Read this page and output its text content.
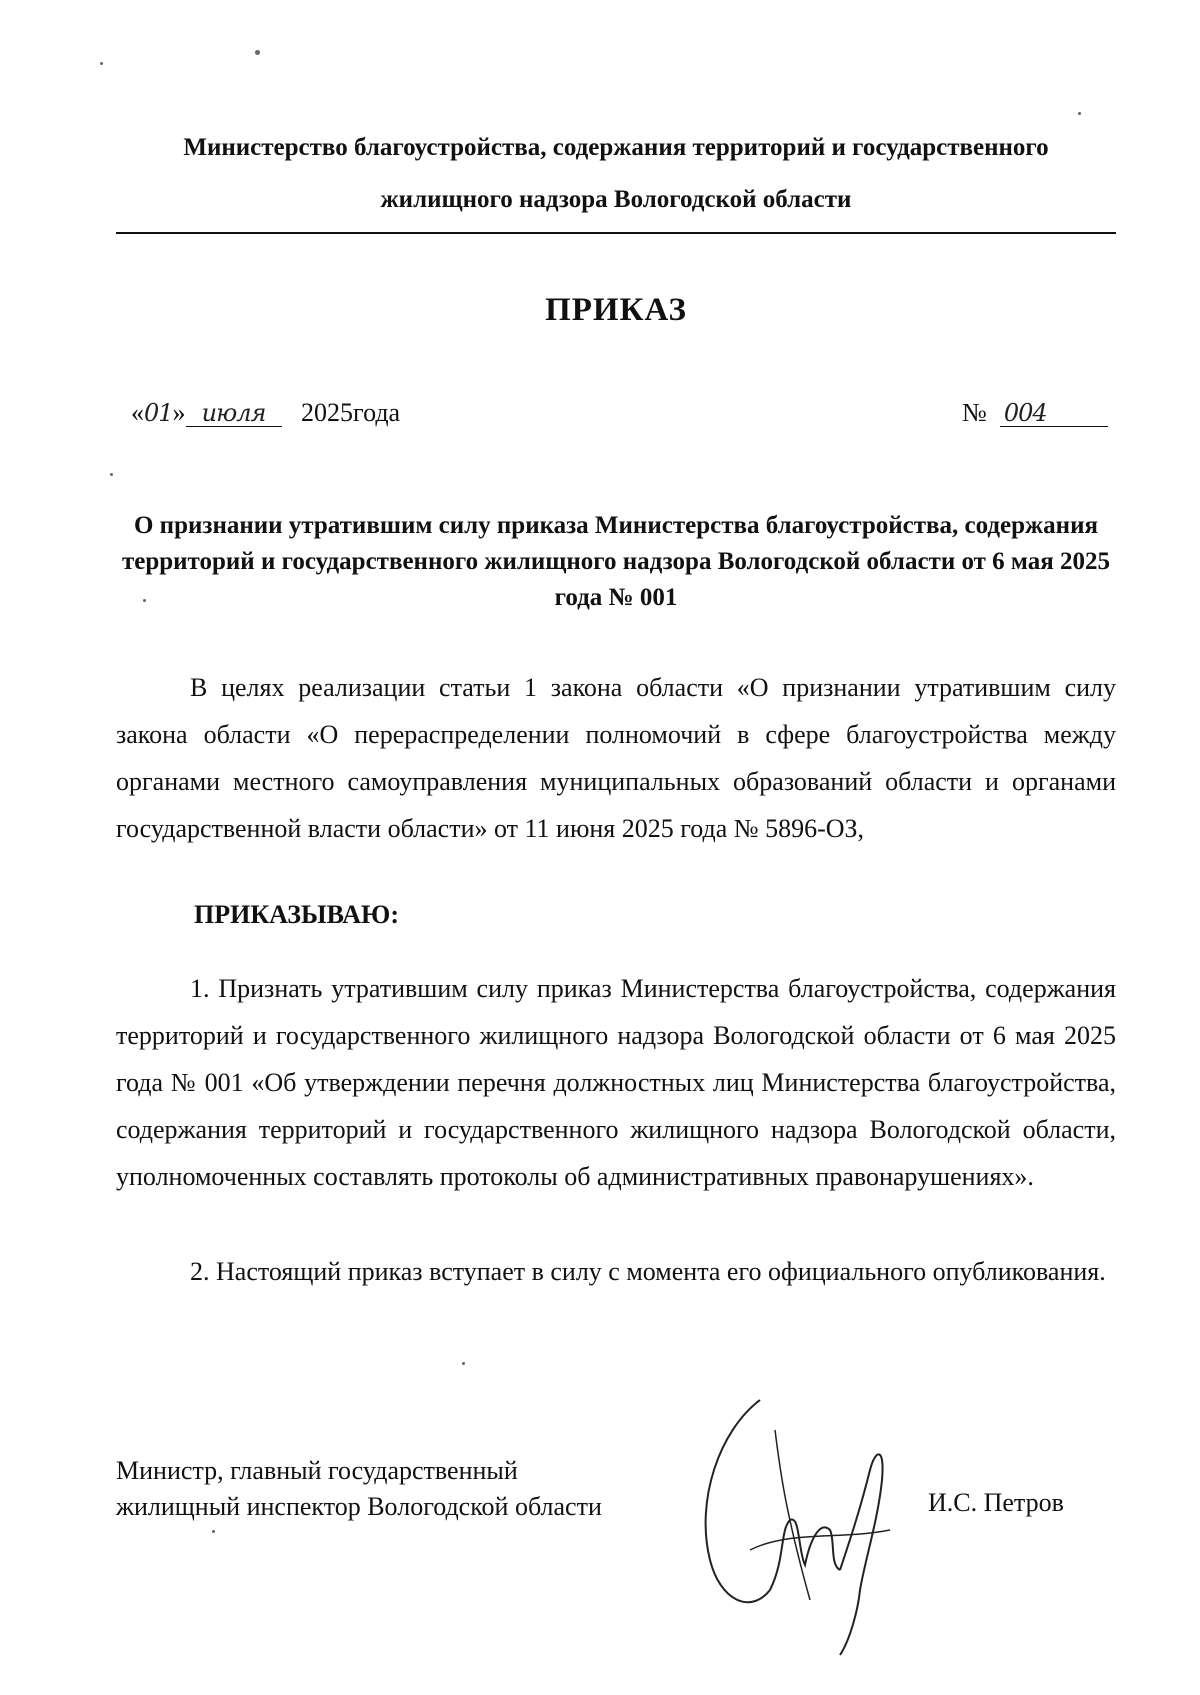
Министерство благоустройства, содержания территорий и государственного
жилищного надзора Вологодской области
ПРИКАЗ
«01» июля 2025года	№ 004
О признании утратившим силу приказа Министерства благоустройства, содержания территорий и государственного жилищного надзора Вологодской области от 6 мая 2025 года № 001
В целях реализации статьи 1 закона области «О признании утратившим силу закона области «О перераспределении полномочий в сфере благоустройства между органами местного самоуправления муниципальных образований области и органами государственной власти области» от 11 июня 2025 года № 5896-ОЗ,
ПРИКАЗЫВАЮ:
1. Признать утратившим силу приказ Министерства благоустройства, содержания территорий и государственного жилищного надзора Вологодской области от 6 мая 2025 года № 001 «Об утверждении перечня должностных лиц Министерства благоустройства, содержания территорий и государственного жилищного надзора Вологодской области, уполномоченных составлять протоколы об административных правонарушениях».
2. Настоящий приказ вступает в силу с момента его официального опубликования.
Министр, главный государственный
жилищный инспектор Вологодской области	И.С. Петров
